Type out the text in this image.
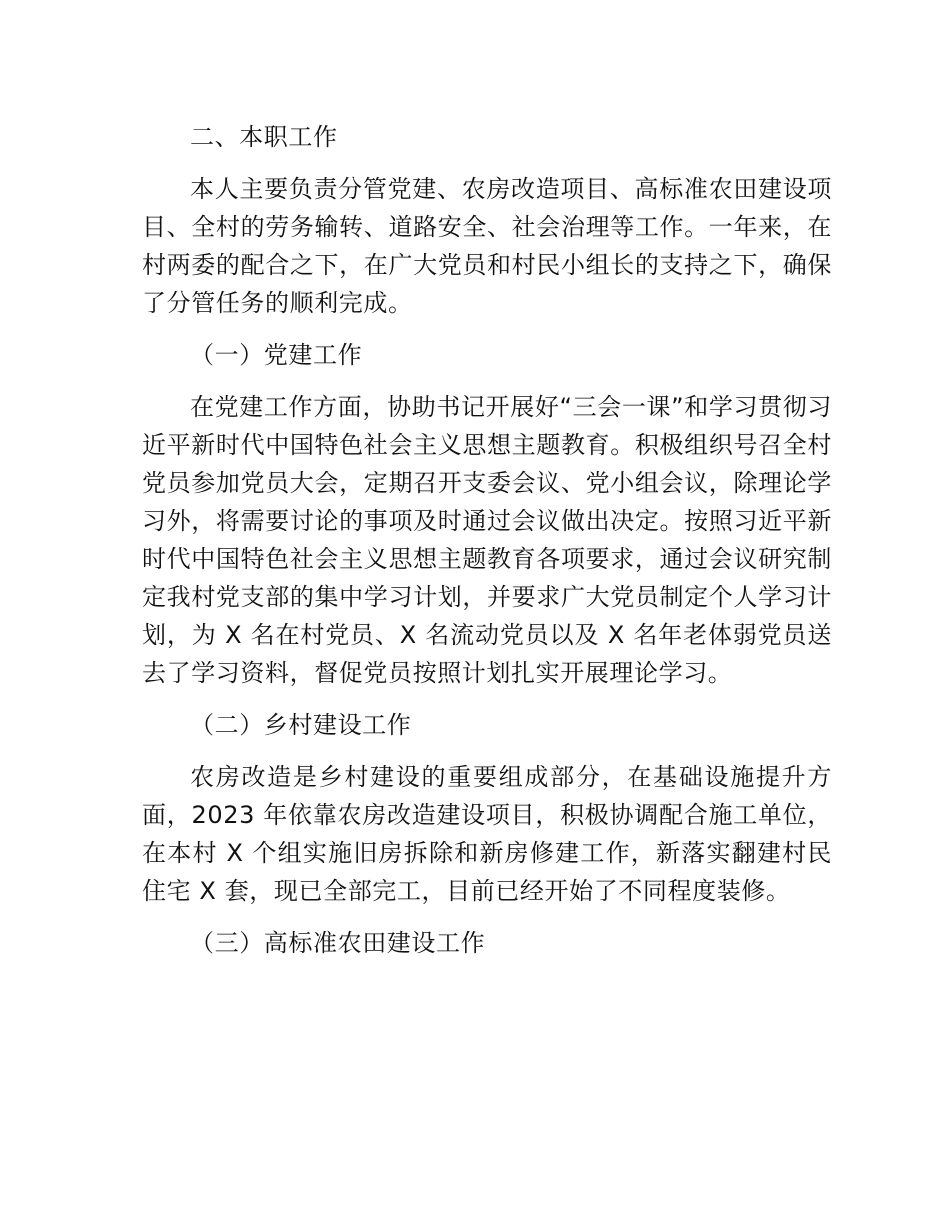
二、本职工作

本人主要负责分管党建、农房改造项目、高标准农田建设项目、全村的劳务输转、道路安全、社会治理等工作。一年来，在村两委的配合之下，在广大党员和村民小组长的支持之下，确保了分管任务的顺利完成。

（一）党建工作

在党建工作方面，协助书记开展好“三会一课”和学习贯彻习近平新时代中国特色社会主义思想主题教育。积极组织号召全村党员参加党员大会，定期召开支委会议、党小组会议，除理论学习外，将需要讨论的事项及时通过会议做出决定。按照习近平新时代中国特色社会主义思想主题教育各项要求，通过会议研究制定我村党支部的集中学习计划，并要求广大党员制定个人学习计划，为 X 名在村党员、X 名流动党员以及 X 名年老体弱党员送去了学习资料，督促党员按照计划扎实开展理论学习。

（二）乡村建设工作

农房改造是乡村建设的重要组成部分，在基础设施提升方面，2023 年依靠农房改造建设项目，积极协调配合施工单位，在本村 X 个组实施旧房拆除和新房修建工作，新落实翻建村民住宅 X 套，现已全部完工，目前已经开始了不同程度装修。

（三）高标准农田建设工作
